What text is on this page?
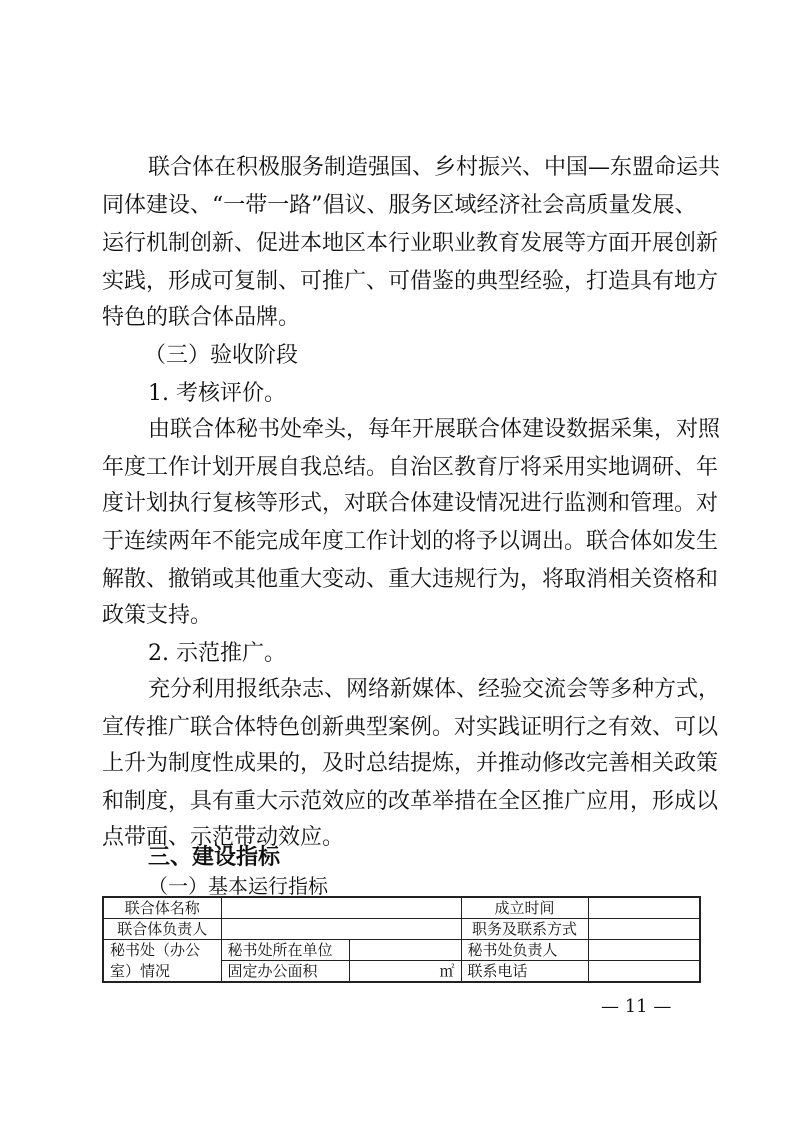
联合体在积极服务制造强国、乡村振兴、中国—东盟命运共
同体建设、“一带一路”倡议、服务区域经济社会高质量发展、
运行机制创新、促进本地区本行业职业教育发展等方面开展创新
实践，形成可复制、可推广、可借鉴的典型经验，打造具有地方
特色的联合体品牌。
（三）验收阶段
1. 考核评价。
由联合体秘书处牵头，每年开展联合体建设数据采集，对照
年度工作计划开展自我总结。自治区教育厅将采用实地调研、年
度计划执行复核等形式，对联合体建设情况进行监测和管理。对
于连续两年不能完成年度工作计划的将予以调出。联合体如发生
解散、撤销或其他重大变动、重大违规行为，将取消相关资格和
政策支持。
2. 示范推广。
充分利用报纸杂志、网络新媒体、经验交流会等多种方式，
宣传推广联合体特色创新典型案例。对实践证明行之有效、可以
上升为制度性成果的，及时总结提炼，并推动修改完善相关政策
和制度，具有重大示范效应的改革举措在全区推广应用，形成以
点带面、示范带动效应。
三、建设指标
（一）基本运行指标
联合体名称			成立时间	
联合体负责人			职务及联系方式	
秘书处（办公	秘书处所在单位		秘书处负责人	
室）情况	固定办公面积	㎡	联系电话	
— 11 —
